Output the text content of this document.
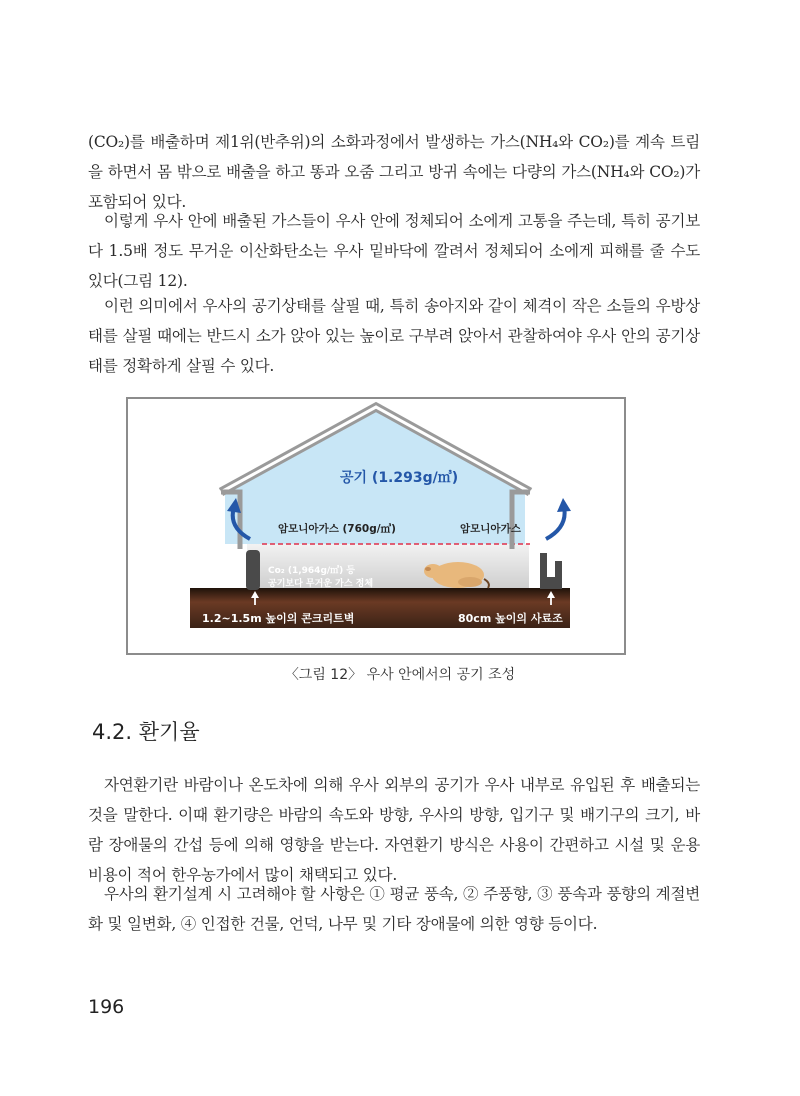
(CO₂)를 배출하며 제1위(반추위)의 소화과정에서 발생하는 가스(NH₄와 CO₂)를 계속 트림을 하면서 몸 밖으로 배출을 하고 똥과 오줌 그리고 방귀 속에는 다량의 가스(NH₄와 CO₂)가 포함되어 있다.

이렇게 우사 안에 배출된 가스들이 우사 안에 정체되어 소에게 고통을 주는데, 특히 공기보다 1.5배 정도 무거운 이산화탄소는 우사 밑바닥에 깔려서 정체되어 소에게 피해를 줄 수도 있다(그림 12).

이런 의미에서 우사의 공기상태를 살필 때, 특히 송아지와 같이 체격이 작은 소들의 우방상태를 살필 때에는 반드시 소가 앉아 있는 높이로 구부려 앉아서 관찰하여야 우사 안의 공기상태를 정확하게 살필 수 있다.

공기 (1.293g/㎥)
암모니아가스 (760g/㎥)	암모니아가스
Co₂ (1,964g/㎥) 등
공기보다 무거운 가스 정체
1.2~1.5m 높이의 콘크리트벽	80cm 높이의 사료조
〈그림 12〉 우사 안에서의 공기 조성
4.2. 환기율

자연환기란 바람이나 온도차에 의해 우사 외부의 공기가 우사 내부로 유입된 후 배출되는 것을 말한다. 이때 환기량은 바람의 속도와 방향, 우사의 방향, 입기구 및 배기구의 크기, 바람 장애물의 간섭 등에 의해 영향을 받는다. 자연환기 방식은 사용이 간편하고 시설 및 운용 비용이 적어 한우농가에서 많이 채택되고 있다.

우사의 환기설계 시 고려해야 할 사항은 ① 평균 풍속, ② 주풍향, ③ 풍속과 풍향의 계절변화 및 일변화, ④ 인접한 건물, 언덕, 나무 및 기타 장애물에 의한 영향 등이다.

196
